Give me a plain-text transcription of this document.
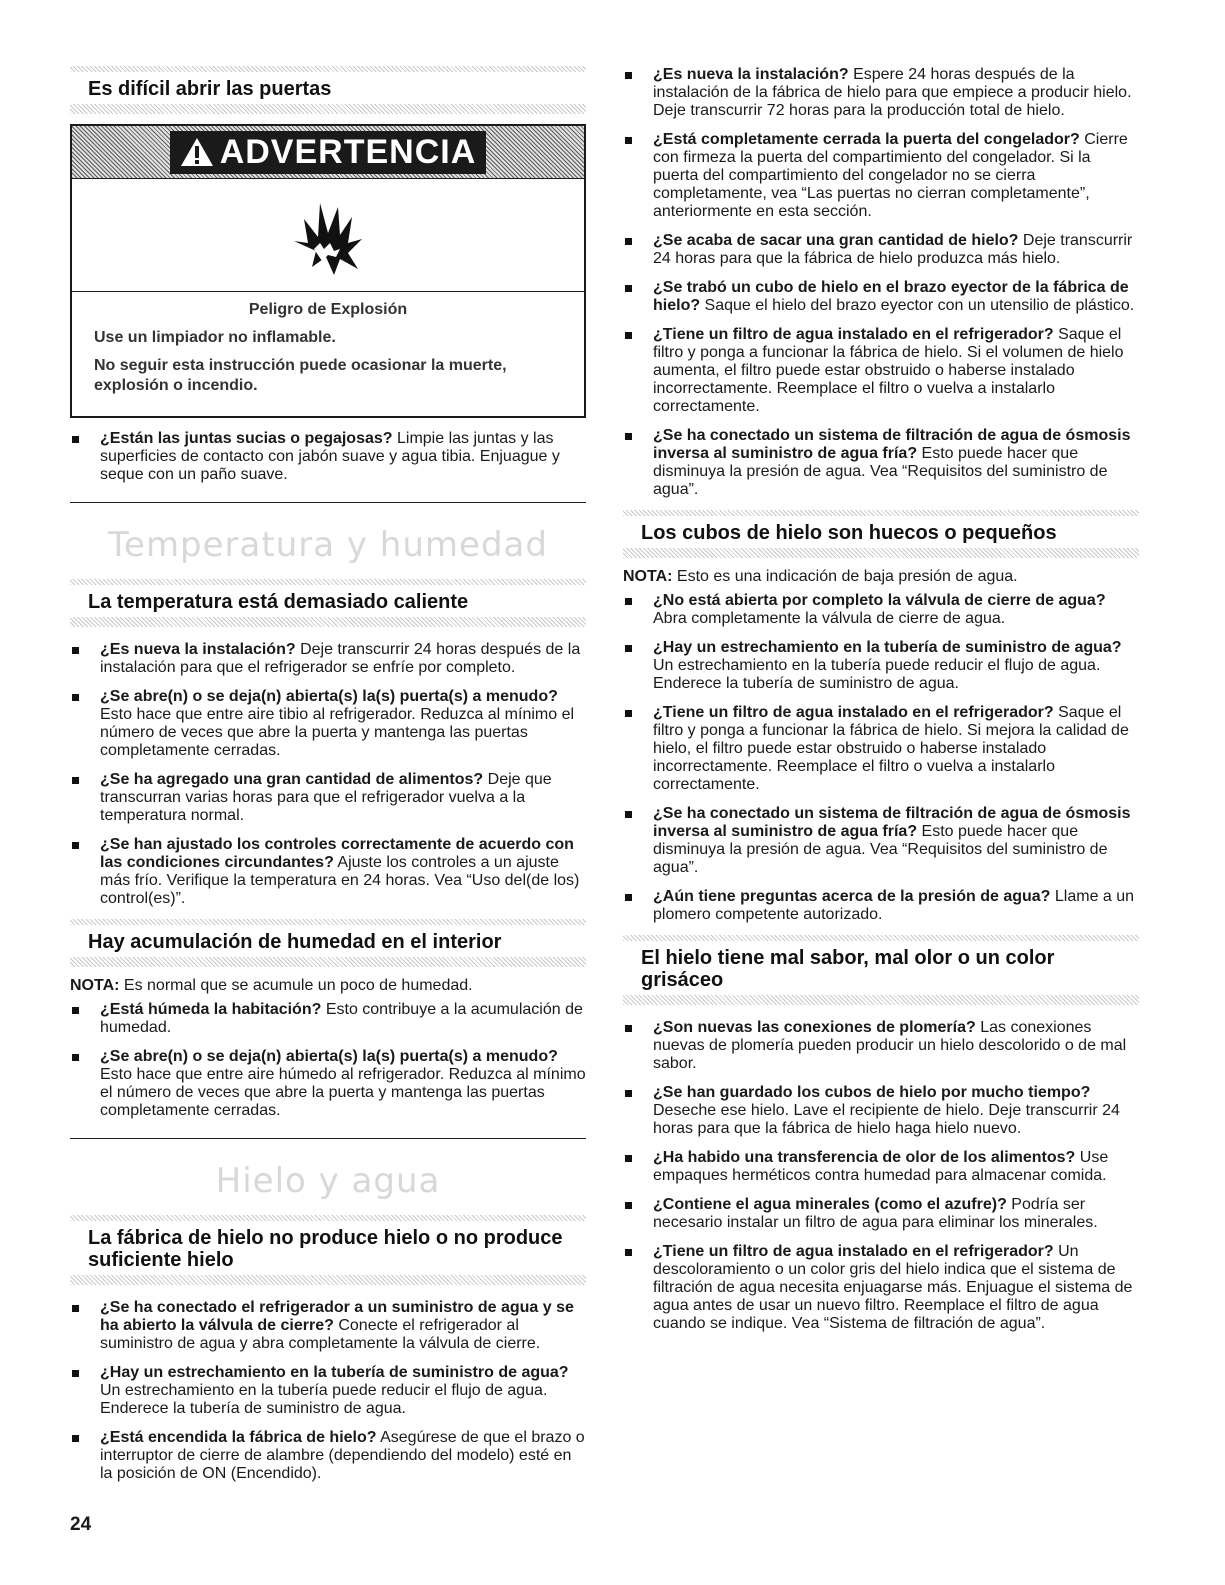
Es difícil abrir las puertas
ADVERTENCIA

Peligro de Explosión

Use un limpiador no inflamable.

No seguir esta instrucción puede ocasionar la muerte, explosión o incendio.

¿Están las juntas sucias o pegajosas? Limpie las juntas y las superficies de contacto con jabón suave y agua tibia. Enjuague y seque con un paño suave.
Temperatura y humedad
La temperatura está demasiado caliente
¿Es nueva la instalación? Deje transcurrir 24 horas después de la instalación para que el refrigerador se enfríe por completo.
¿Se abre(n) o se deja(n) abierta(s) la(s) puerta(s) a menudo? Esto hace que entre aire tibio al refrigerador. Reduzca al mínimo el número de veces que abre la puerta y mantenga las puertas completamente cerradas.
¿Se ha agregado una gran cantidad de alimentos? Deje que transcurran varias horas para que el refrigerador vuelva a la temperatura normal.
¿Se han ajustado los controles correctamente de acuerdo con las condiciones circundantes? Ajuste los controles a un ajuste más frío. Verifique la temperatura en 24 horas. Vea “Uso del(de los) control(es)”.
Hay acumulación de humedad en el interior
NOTA: Es normal que se acumule un poco de humedad.
¿Está húmeda la habitación? Esto contribuye a la acumulación de humedad.
¿Se abre(n) o se deja(n) abierta(s) la(s) puerta(s) a menudo? Esto hace que entre aire húmedo al refrigerador. Reduzca al mínimo el número de veces que abre la puerta y mantenga las puertas completamente cerradas.
Hielo y agua
La fábrica de hielo no produce hielo o no produce suficiente hielo
¿Se ha conectado el refrigerador a un suministro de agua y se ha abierto la válvula de cierre? Conecte el refrigerador al suministro de agua y abra completamente la válvula de cierre.
¿Hay un estrechamiento en la tubería de suministro de agua? Un estrechamiento en la tubería puede reducir el flujo de agua. Enderece la tubería de suministro de agua.
¿Está encendida la fábrica de hielo? Asegúrese de que el brazo o interruptor de cierre de alambre (dependiendo del modelo) esté en la posición de ON (Encendido).
¿Es nueva la instalación? Espere 24 horas después de la instalación de la fábrica de hielo para que empiece a producir hielo. Deje transcurrir 72 horas para la producción total de hielo.
¿Está completamente cerrada la puerta del congelador? Cierre con firmeza la puerta del compartimiento del congelador. Si la puerta del compartimiento del congelador no se cierra completamente, vea “Las puertas no cierran completamente”, anteriormente en esta sección.
¿Se acaba de sacar una gran cantidad de hielo? Deje transcurrir 24 horas para que la fábrica de hielo produzca más hielo.
¿Se trabó un cubo de hielo en el brazo eyector de la fábrica de hielo? Saque el hielo del brazo eyector con un utensilio de plástico.
¿Tiene un filtro de agua instalado en el refrigerador? Saque el filtro y ponga a funcionar la fábrica de hielo. Si el volumen de hielo aumenta, el filtro puede estar obstruido o haberse instalado incorrectamente. Reemplace el filtro o vuelva a instalarlo correctamente.
¿Se ha conectado un sistema de filtración de agua de ósmosis inversa al suministro de agua fría? Esto puede hacer que disminuya la presión de agua. Vea “Requisitos del suministro de agua”.
Los cubos de hielo son huecos o pequeños
NOTA: Esto es una indicación de baja presión de agua.
¿No está abierta por completo la válvula de cierre de agua? Abra completamente la válvula de cierre de agua.
¿Hay un estrechamiento en la tubería de suministro de agua? Un estrechamiento en la tubería puede reducir el flujo de agua. Enderece la tubería de suministro de agua.
¿Tiene un filtro de agua instalado en el refrigerador? Saque el filtro y ponga a funcionar la fábrica de hielo. Si mejora la calidad de hielo, el filtro puede estar obstruido o haberse instalado incorrectamente. Reemplace el filtro o vuelva a instalarlo correctamente.
¿Se ha conectado un sistema de filtración de agua de ósmosis inversa al suministro de agua fría? Esto puede hacer que disminuya la presión de agua. Vea “Requisitos del suministro de agua”.
¿Aún tiene preguntas acerca de la presión de agua? Llame a un plomero competente autorizado.
El hielo tiene mal sabor, mal olor o un color grisáceo
¿Son nuevas las conexiones de plomería? Las conexiones nuevas de plomería pueden producir un hielo descolorido o de mal sabor.
¿Se han guardado los cubos de hielo por mucho tiempo? Deseche ese hielo. Lave el recipiente de hielo. Deje transcurrir 24 horas para que la fábrica de hielo haga hielo nuevo.
¿Ha habido una transferencia de olor de los alimentos? Use empaques herméticos contra humedad para almacenar comida.
¿Contiene el agua minerales (como el azufre)? Podría ser necesario instalar un filtro de agua para eliminar los minerales.
¿Tiene un filtro de agua instalado en el refrigerador? Un descoloramiento o un color gris del hielo indica que el sistema de filtración de agua necesita enjuagarse más. Enjuague el sistema de agua antes de usar un nuevo filtro. Reemplace el filtro de agua cuando se indique. Vea “Sistema de filtración de agua”.
24
